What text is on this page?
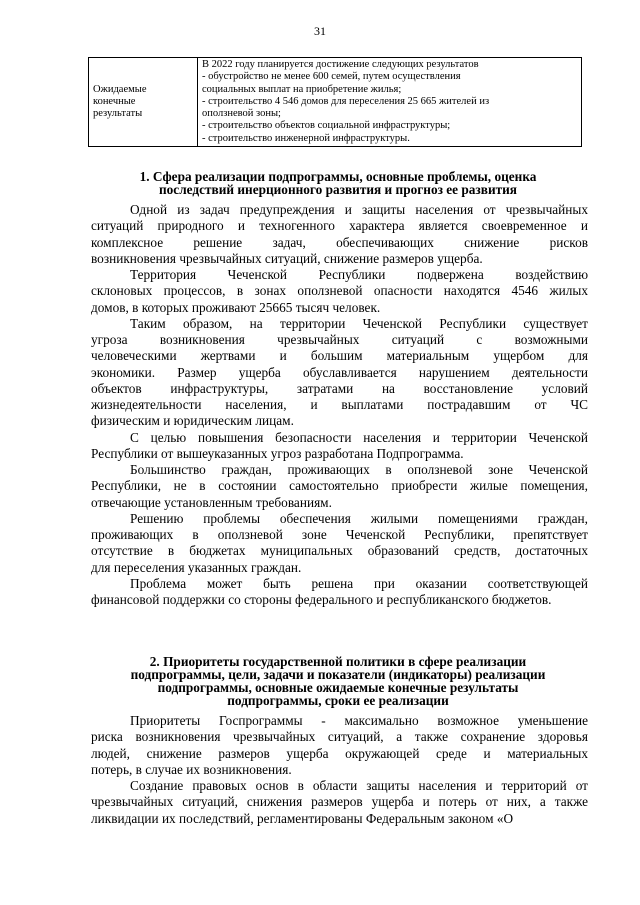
31
Ожидаемые
конечные
результаты

В 2022 году планируется достижение следующих результатов
- обустройство не менее 600 семей, путем осуществления
социальных выплат на приобретение жилья;
- строительство 4 546 домов для переселения 25 665 жителей из
оползневой зоны;
- строительство объектов социальной инфраструктуры;
- строительство инженерной инфраструктуры.
1. Сфера реализации подпрограммы, основные проблемы, оценка
последствий инерционного развития и прогноз ее развития

Одной из задач предупреждения и защиты населения от чрезвычайных
ситуаций природного и техногенного характера является своевременное и
комплексное решение задач, обеспечивающих снижение рисков
возникновения чрезвычайных ситуаций, снижение размеров ущерба.

Территория Чеченской Республики подвержена воздействию
склоновых процессов, в зонах оползневой опасности находятся 4546 жилых
домов, в которых проживают 25665 тысяч человек.

Таким образом, на территории Чеченской Республики существует
угроза возникновения чрезвычайных ситуаций с возможными
человеческими жертвами и большим материальным ущербом для
экономики. Размер ущерба обуславливается нарушением деятельности
объектов инфраструктуры, затратами на восстановление условий
жизнедеятельности населения, и выплатами пострадавшим от ЧС
физическим и юридическим лицам.

С целью повышения безопасности населения и территории Чеченской
Республики от вышеуказанных угроз разработана Подпрограмма.

Большинство граждан, проживающих в оползневой зоне Чеченской
Республики, не в состоянии самостоятельно приобрести жилые помещения,
отвечающие установленным требованиям.

Решению проблемы обеспечения жилыми помещениями граждан,
проживающих в оползневой зоне Чеченской Республики, препятствует
отсутствие в бюджетах муниципальных образований средств, достаточных
для переселения указанных граждан.

Проблема может быть решена при оказании соответствующей
финансовой поддержки со стороны федерального и республиканского бюджетов.

2. Приоритеты государственной политики в сфере реализации
подпрограммы, цели, задачи и показатели (индикаторы) реализации
подпрограммы, основные ожидаемые конечные результаты
подпрограммы, сроки ее реализации

Приоритеты Госпрограммы - максимально возможное уменьшение
риска возникновения чрезвычайных ситуаций, а также сохранение здоровья
людей, снижение размеров ущерба окружающей среде и материальных
потерь, в случае их возникновения.

Создание правовых основ в области защиты населения и территорий от
чрезвычайных ситуаций, снижения размеров ущерба и потерь от них, а также
ликвидации их последствий, регламентированы Федеральным законом «О
